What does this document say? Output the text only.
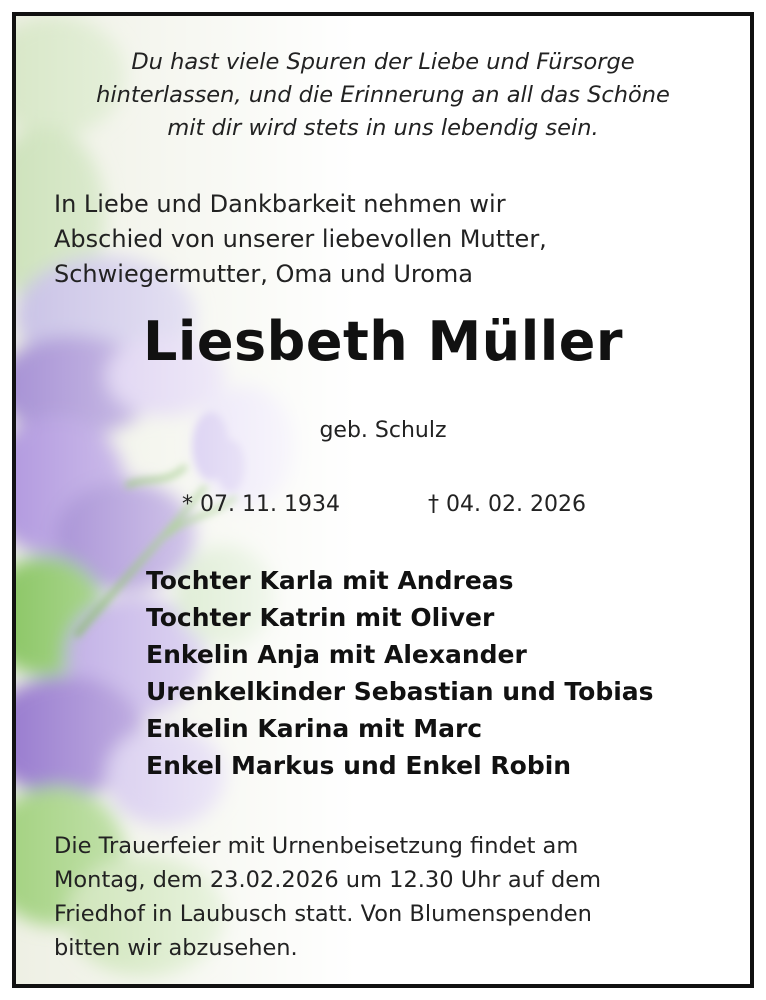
Du hast viele Spuren der Liebe und Fürsorge
hinterlassen, und die Erinnerung an all das Schöne
mit dir wird stets in uns lebendig sein.
In Liebe und Dankbarkeit nehmen wir
Abschied von unserer liebevollen Mutter,
Schwiegermutter, Oma und Uroma
Liesbeth Müller
geb. Schulz
* 07. 11. 1934	† 04. 02. 2026
Tochter Karla mit Andreas
Tochter Katrin mit Oliver
Enkelin Anja mit Alexander
Urenkelkinder Sebastian und Tobias
Enkelin Karina mit Marc
Enkel Markus und Enkel Robin
Die Trauerfeier mit Urnenbeisetzung findet am
Montag, dem 23.02.2026 um 12.30 Uhr auf dem
Friedhof in Laubusch statt. Von Blumenspenden
bitten wir abzusehen.
